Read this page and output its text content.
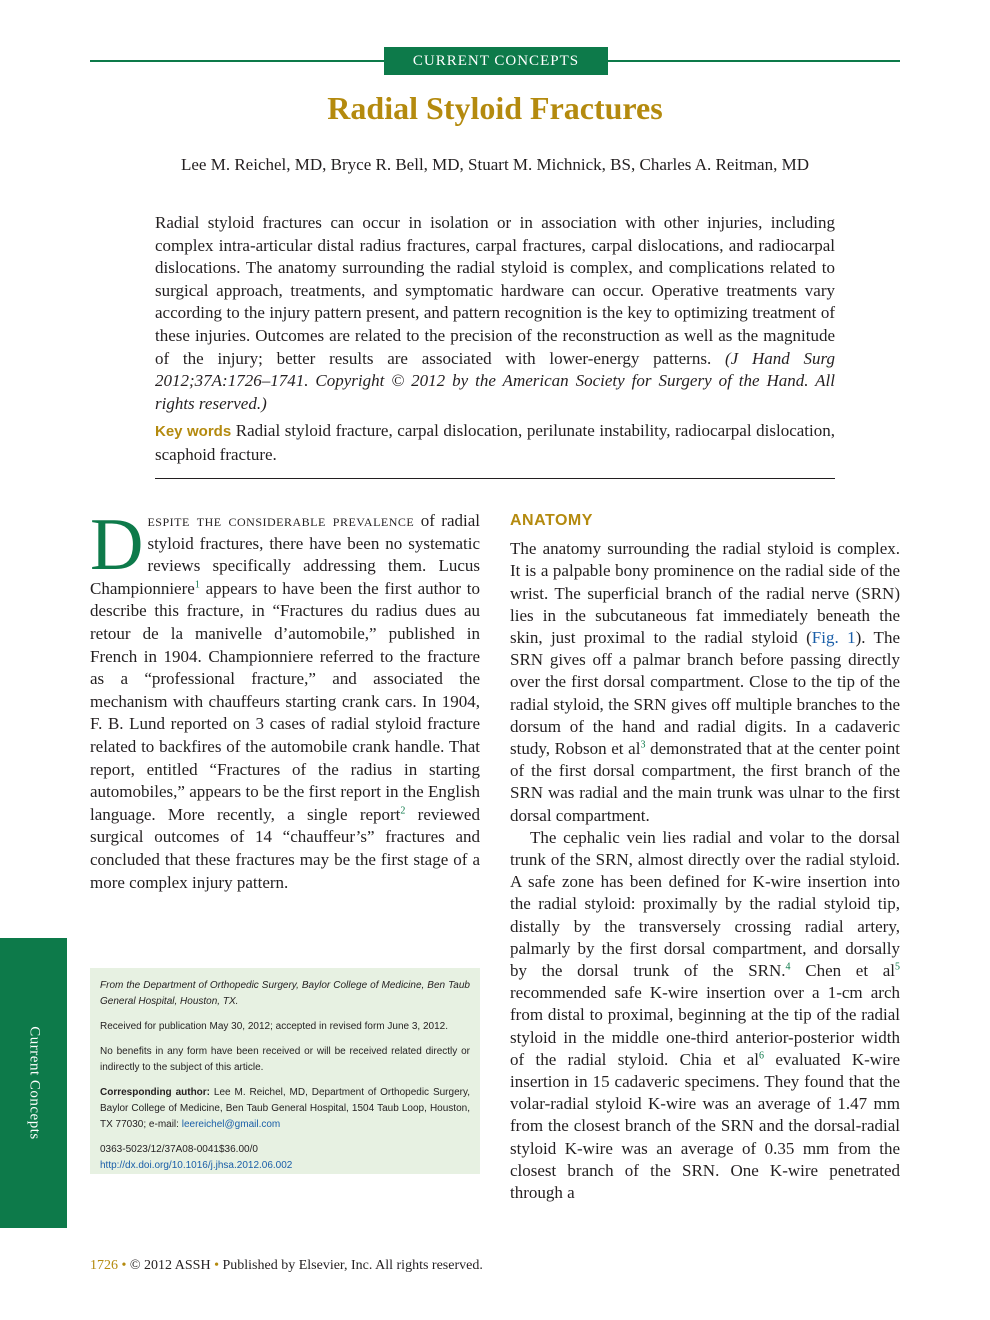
CURRENT CONCEPTS
Radial Styloid Fractures
Lee M. Reichel, MD, Bryce R. Bell, MD, Stuart M. Michnick, BS, Charles A. Reitman, MD
Radial styloid fractures can occur in isolation or in association with other injuries, including complex intra-articular distal radius fractures, carpal fractures, carpal dislocations, and radiocarpal dislocations. The anatomy surrounding the radial styloid is complex, and complications related to surgical approach, treatments, and symptomatic hardware can occur. Operative treatments vary according to the injury pattern present, and pattern recognition is the key to optimizing treatment of these injuries. Outcomes are related to the precision of the reconstruction as well as the magnitude of the injury; better results are associated with lower-energy patterns. (J Hand Surg 2012;37A:1726–1741. Copyright © 2012 by the American Society for Surgery of the Hand. All rights reserved.)
Key words Radial styloid fracture, carpal dislocation, perilunate instability, radiocarpal dislocation, scaphoid fracture.
Despite the considerable prevalence of radial styloid fractures, there have been no systematic reviews specifically addressing them. Lucus Championniere$^1$ appears to have been the first author to describe this fracture, in “Fractures du radius dues au retour de la manivelle d’automobile,” published in French in 1904. Championniere referred to the fracture as a “professional fracture,” and associated the mechanism with chauffeurs starting crank cars. In 1904, F. B. Lund reported on 3 cases of radial styloid fracture related to backfires of the automobile crank handle. That report, entitled “Fractures of the radius in starting automobiles,” appears to be the first report in the English language. More recently, a single report$^2$ reviewed surgical outcomes of 14 “chauffeur’s” fractures and concluded that these fractures may be the first stage of a more complex injury pattern.

From the Department of Orthopedic Surgery, Baylor College of Medicine, Ben Taub General Hospital, Houston, TX.

Received for publication May 30, 2012; accepted in revised form June 3, 2012.

No benefits in any form have been received or will be received related directly or indirectly to the subject of this article.

Corresponding author: Lee M. Reichel, MD, Department of Orthopedic Surgery, Baylor College of Medicine, Ben Taub General Hospital, 1504 Taub Loop, Houston, TX 77030; e-mail: leereichel@gmail.com

0363-5023/12/37A08-0041$36.00/0

http://dx.doi.org/10.1016/j.jhsa.2012.06.002

ANATOMY

The anatomy surrounding the radial styloid is complex. It is a palpable bony prominence on the radial side of the wrist. The superficial branch of the radial nerve (SRN) lies in the subcutaneous fat immediately beneath the skin, just proximal to the radial styloid (Fig. 1). The SRN gives off a palmar branch before passing directly over the first dorsal compartment. Close to the tip of the radial styloid, the SRN gives off multiple branches to the dorsum of the hand and radial digits. In a cadaveric study, Robson et $al^3$ demonstrated that at the center point of the first dorsal compartment, the first branch of the SRN was radial and the main trunk was ulnar to the first dorsal compartment.

The cephalic vein lies radial and volar to the dorsal trunk of the SRN, almost directly over the radial styloid. A safe zone has been defined for K-wire insertion into the radial styloid: proximally by the radial styloid tip, distally by the transversely crossing radial artery, palmarly by the first dorsal compartment, and dorsally by the dorsal trunk of the SRN.$^4$ Chen et $al^5$ recommended safe K-wire insertion over a 1-cm arch from distal to proximal, beginning at the tip of the radial styloid in the middle one-third anterior-posterior width of the radial styloid. Chia et $al^6$ evaluated K-wire insertion in 15 cadaveric specimens. They found that the volar-radial styloid K-wire was an average of 1.47 mm from the closest branch of the SRN and the dorsal-radial styloid K-wire was an average of 0.35 mm from the closest branch of the SRN. One K-wire penetrated through a

Current Concepts
1726 • © 2012 ASSH • Published by Elsevier, Inc. All rights reserved.
